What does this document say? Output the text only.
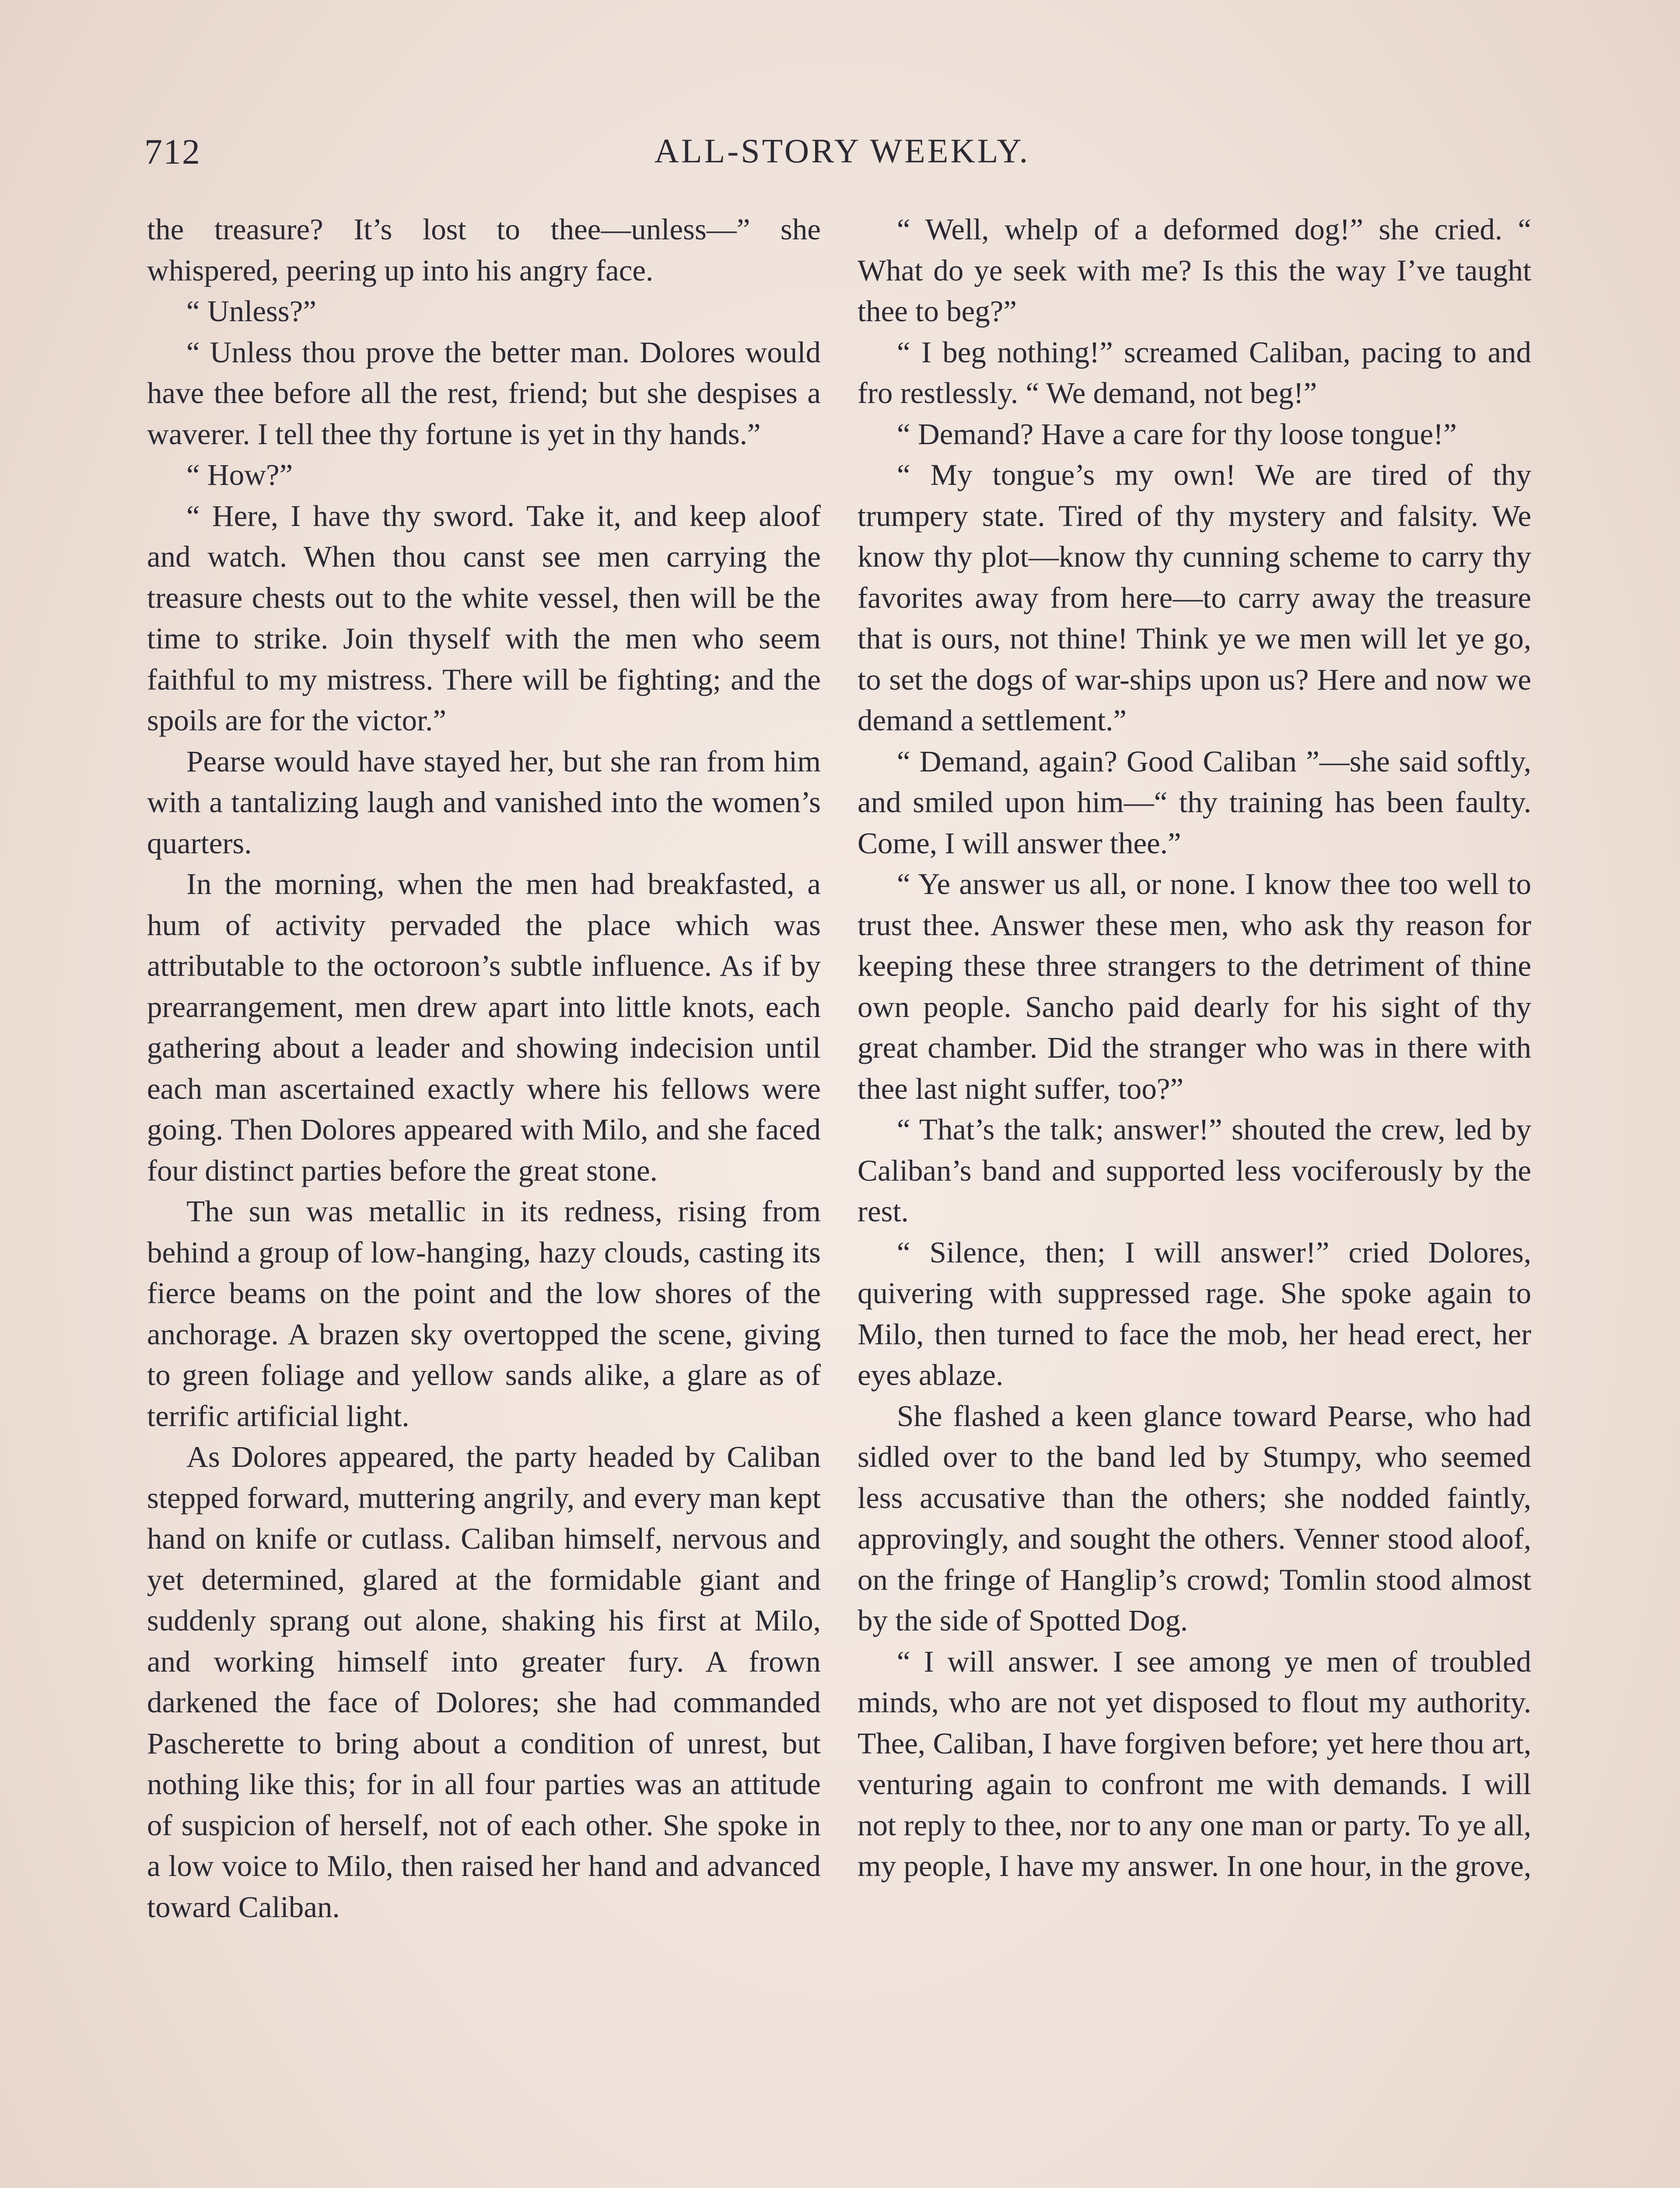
712	ALL-STORY WEEKLY.

the treasure? It’s lost to thee—unless—” she whispered, peering up into his angry face.

“ Unless?”

“ Unless thou prove the better man. Dolores would have thee before all the rest, friend; but she despises a waverer. I tell thee thy fortune is yet in thy hands.”

“ How?”

“ Here, I have thy sword. Take it, and keep aloof and watch. When thou canst see men carrying the treasure chests out to the white vessel, then will be the time to strike. Join thyself with the men who seem faithful to my mistress. There will be fighting; and the spoils are for the victor.”

Pearse would have stayed her, but she ran from him with a tantalizing laugh and vanished into the women’s quarters.

In the morning, when the men had breakfasted, a hum of activity pervaded the place which was attributable to the octoroon’s subtle influence. As if by prearrangement, men drew apart into little knots, each gathering about a leader and showing indecision until each man ascertained exactly where his fellows were going. Then Dolores appeared with Milo, and she faced four distinct parties before the great stone.

The sun was metallic in its redness, rising from behind a group of low-hanging, hazy clouds, casting its fierce beams on the point and the low shores of the anchorage. A brazen sky overtopped the scene, giving to green foliage and yellow sands alike, a glare as of terrific artificial light.

As Dolores appeared, the party headed by Caliban stepped forward, muttering angrily, and every man kept hand on knife or cutlass. Caliban himself, nervous and yet determined, glared at the formidable giant and suddenly sprang out alone, shaking his first at Milo, and working himself into greater fury. A frown darkened the face of Dolores; she had commanded Pascherette to bring about a condition of unrest, but nothing like this; for in all four parties was an attitude of suspicion of herself, not of each other. She spoke in a low voice to Milo, then raised her hand and advanced toward Caliban.

“ Well, whelp of a deformed dog!” she cried. “ What do ye seek with me? Is this the way I’ve taught thee to beg?”

“ I beg nothing!” screamed Caliban, pacing to and fro restlessly. “ We demand, not beg!”

“ Demand? Have a care for thy loose tongue!”

“ My tongue’s my own! We are tired of thy trumpery state. Tired of thy mystery and falsity. We know thy plot—know thy cunning scheme to carry thy favorites away from here—to carry away the treasure that is ours, not thine! Think ye we men will let ye go, to set the dogs of war-ships upon us? Here and now we demand a settlement.”

“ Demand, again? Good Caliban ”—she said softly, and smiled upon him—“ thy training has been faulty. Come, I will answer thee.”

“ Ye answer us all, or none. I know thee too well to trust thee. Answer these men, who ask thy reason for keeping these three strangers to the detriment of thine own people. Sancho paid dearly for his sight of thy great chamber. Did the stranger who was in there with thee last night suffer, too?”

“ That’s the talk; answer!” shouted the crew, led by Caliban’s band and supported less vociferously by the rest.

“ Silence, then; I will answer!” cried Dolores, quivering with suppressed rage. She spoke again to Milo, then turned to face the mob, her head erect, her eyes ablaze.

She flashed a keen glance toward Pearse, who had sidled over to the band led by Stumpy, who seemed less accusative than the others; she nodded faintly, approvingly, and sought the others. Venner stood aloof, on the fringe of Hanglip’s crowd; Tomlin stood almost by the side of Spotted Dog.

“ I will answer. I see among ye men of troubled minds, who are not yet disposed to flout my authority. Thee, Caliban, I have forgiven before; yet here thou art, venturing again to confront me with demands. I will not reply to thee, nor to any one man or party. To ye all, my people, I have my answer. In one hour, in the grove,
